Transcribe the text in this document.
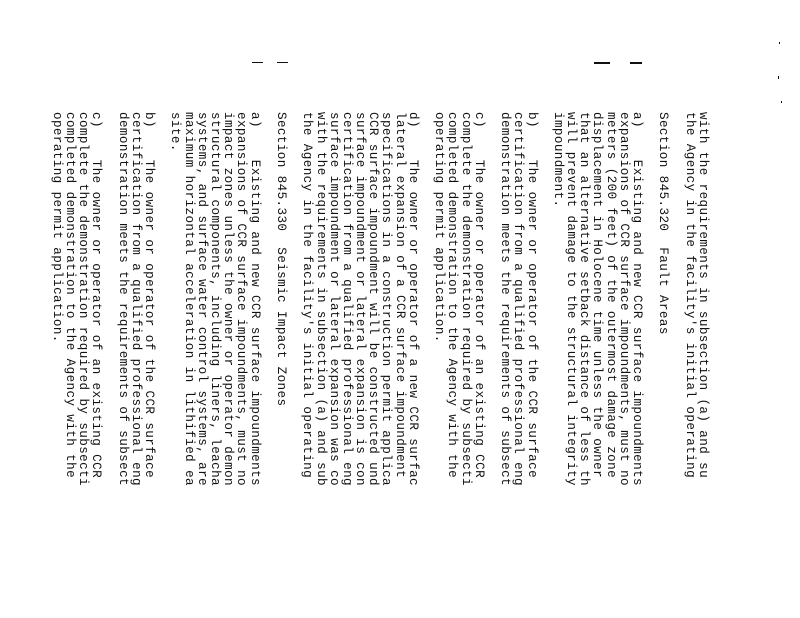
with the requirements in subsection (a) and su
the Agency in the facility's initial operating
Section 845.320  Fault Areas
a)    Existing and new CCR surface impoundments
expansions of CCR surface impoundments, must no
meters (200 feet) of the outermost damage zone
displacement in Holocene time unless the owner
that an alternative setback distance of less th
will prevent damage to the structural integrity
impoundment.
b)    The owner or operator of the CCR surface
certification from a qualified professional eng
demonstration meets the requirements of subsect
c)    The owner or operator of an existing CCR
complete the demonstration required by subsecti
completed demonstration to the Agency with the
operating permit application.
d)    The owner or operator of a new CCR surfac
lateral expansion of a CCR surface impoundment
specifications in a construction permit applica
CCR surface impoundment will be constructed und
surface impoundment or lateral expansion is con
certification from a qualified professional eng
surface impoundment or lateral expansion was co
with the requirements in subsection (a) and sub
the Agency in the facility's initial operating
Section 845.330  Seismic Impact Zones
a)    Existing and new CCR surface impoundments
expansions of CCR surface impoundments, must no
impact zones unless the owner or operator demon
structural components, including liners, leacha
systems, and surface water control systems, are
maximum horizontal acceleration in lithified ea
site.
b)    The owner or operator of the CCR surface
certification from a qualified professional eng
demonstration meets the requirements of subsect
c)    The owner or operator of an existing CCR
complete the demonstration required by subsecti
completed demonstration to the Agency with the
operating permit application.
